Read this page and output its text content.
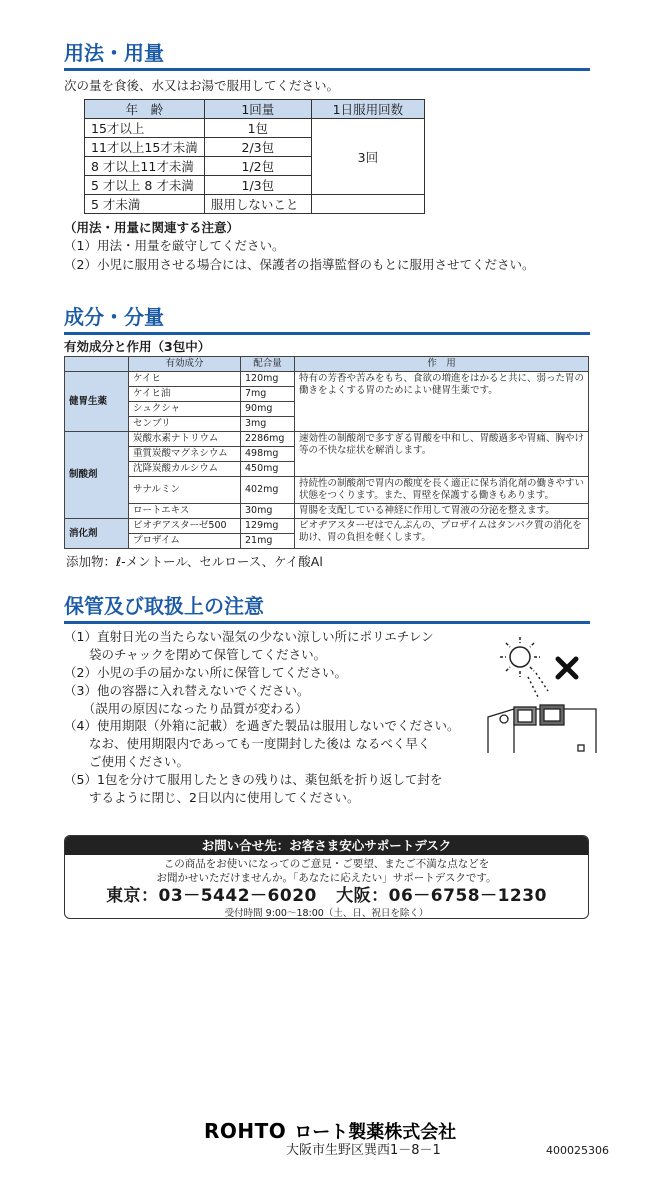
用法・用量
次の量を食後、水又はお湯で服用してください。
年　齢	1回量	1日服用回数
15才以上	1包	3回
11才以上15才未満	2/3包	
8 才以上11才未満	1/2包	
5 才以上 8 才未満	1/3包	
5 才未満	服用しないこと	
（用法・用量に関連する注意）
（1）用法・用量を厳守してください。
（2）小児に服用させる場合には、保護者の指導監督のもとに服用させてください。
成分・分量
有効成分と作用（3包中）
	有効成分	配合量	作　用
健胃生薬	ケイヒ	120mg	特有の芳香や苦みをもち、食欲の増進をはかると共に、弱った胃の働きをよくする胃のためによい健胃生薬です。
	ケイヒ油	7mg	
	シュクシャ	90mg	
	センブリ	3mg	
制酸剤	炭酸水素ナトリウム	2286mg	速効性の制酸剤で多すぎる胃酸を中和し、胃酸過多や胃痛、胸やけ等の不快な症状を解消します。
	重質炭酸マグネシウム	498mg	
	沈降炭酸カルシウム	450mg	
	サナルミン	402mg	持続性の制酸剤で胃内の酸度を長く適正に保ち消化剤の働きやすい状態をつくります。また、胃壁を保護する働きもあります。
	ロートエキス	30mg	胃腸を支配している神経に作用して胃液の分泌を整えます。
消化剤	ビオヂアスターゼ500	129mg	ビオヂアスターゼはでんぷんの、プロザイムはタンパク質の消化を助け、胃の負担を軽くします。
	プロザイム	21mg	
添加物：ℓ-メントール、セルロース、ケイ酸Al
保管及び取扱上の注意
（1）直射日光の当たらない湿気の少ない涼しい所にポリエチレン
　　袋のチャックを閉めて保管してください。
（2）小児の手の届かない所に保管してください。
（3）他の容器に入れ替えないでください。
　　（誤用の原因になったり品質が変わる）
（4）使用期限（外箱に記載）を過ぎた製品は服用しないでください。
　　なお、使用期限内であっても一度開封した後は なるべく早く
　　ご使用ください。
（5）1包を分けて服用したときの残りは、薬包紙を折り返して封を
　　するように閉じ、2日以内に使用してください。
お問い合せ先：お客さま安心サポートデスク
この商品をお使いになってのご意見・ご要望、またご不満な点などを
お聞かせいただけませんか。「あなたに応えたい」サポートデスクです。
東京：03－5442－6020 大阪：06－6758－1230
受付時間 9:00〜18:00（土、日、祝日を除く）
ROHTO ロート製薬株式会社
大阪市生野区巽西1－8－1	400025306
